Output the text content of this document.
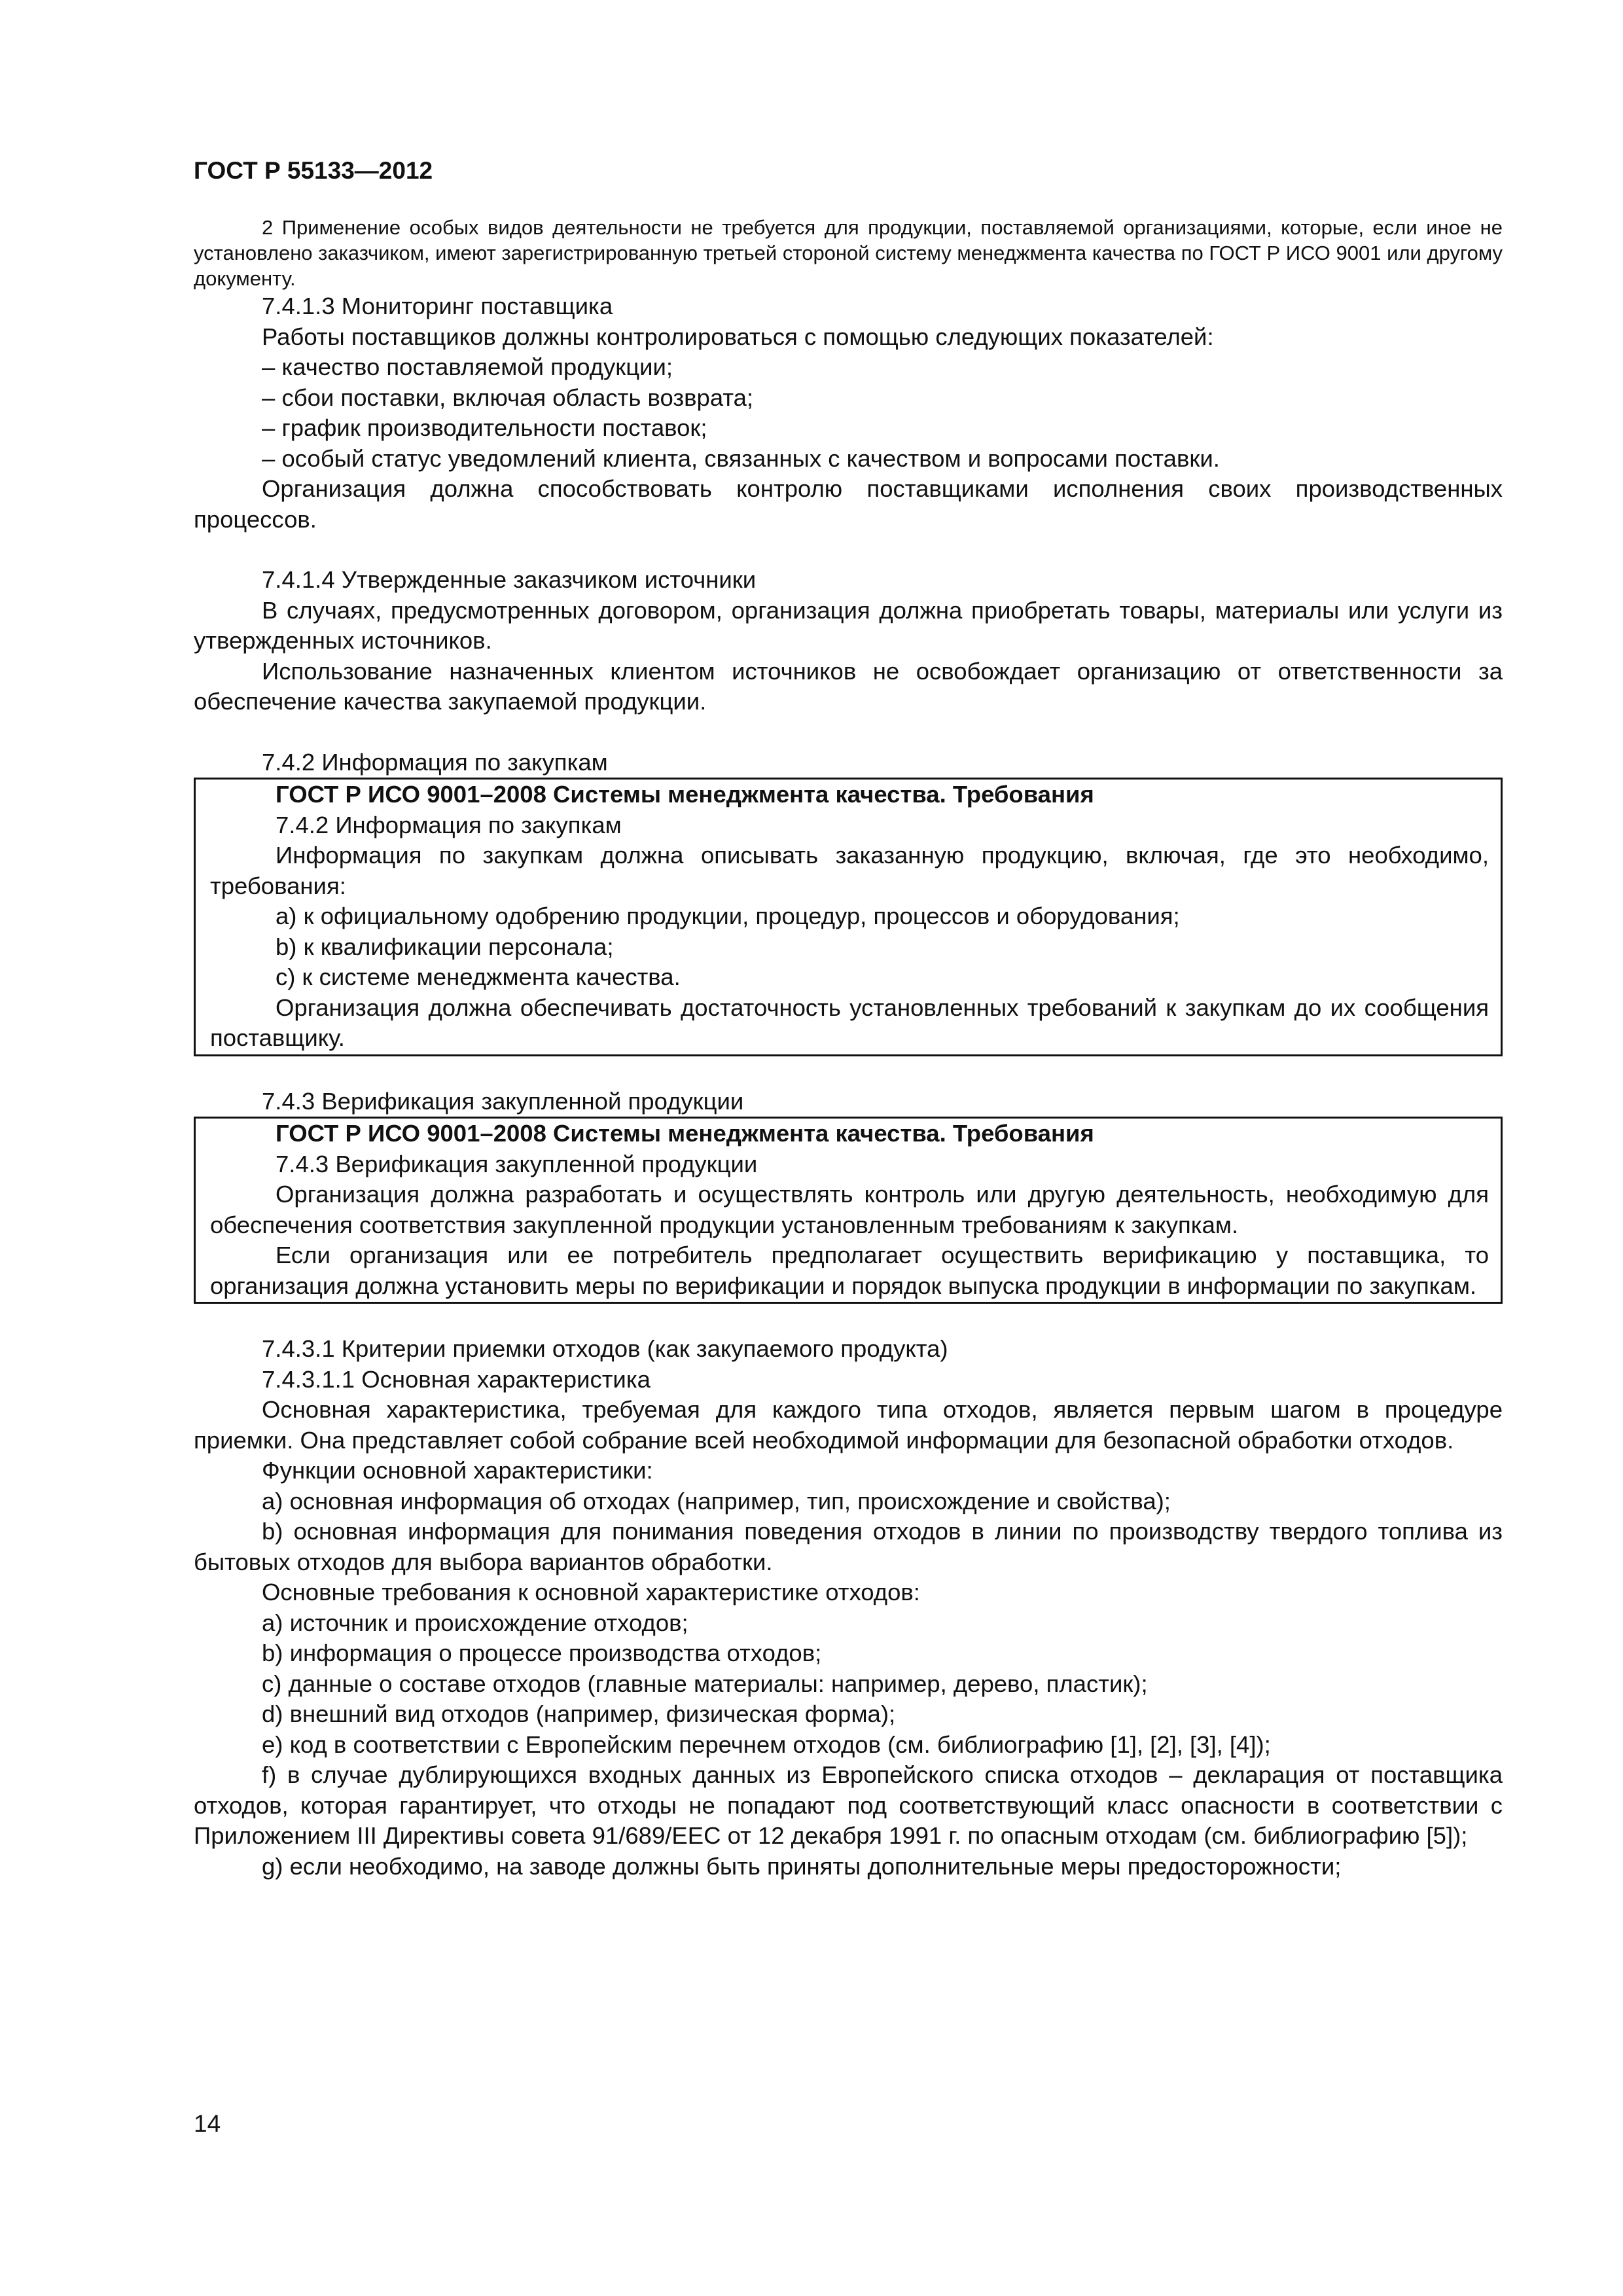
ГОСТ Р 55133—2012

2 Применение особых видов деятельности не требуется для продукции, поставляемой организациями, которые, если иное не установлено заказчиком, имеют зарегистрированную третьей стороной систему менеджмента качества по ГОСТ Р ИСО 9001 или другому документу.

7.4.1.3 Мониторинг поставщика

Работы поставщиков должны контролироваться с помощью следующих показателей:

– качество поставляемой продукции;

– сбои поставки, включая область возврата;

– график производительности поставок;

– особый статус уведомлений клиента, связанных с качеством и вопросами поставки.

Организация должна способствовать контролю поставщиками исполнения своих производственных процессов.

7.4.1.4 Утвержденные заказчиком источники

В случаях, предусмотренных договором, организация должна приобретать товары, материалы или услуги из утвержденных источников.

Использование назначенных клиентом источников не освобождает организацию от ответственности за обеспечение качества закупаемой продукции.

7.4.2 Информация по закупкам

ГОСТ Р ИСО 9001–2008 Системы менеджмента качества. Требования

7.4.2 Информация по закупкам

Информация по закупкам должна описывать заказанную продукцию, включая, где это необходимо, требования:

a) к официальному одобрению продукции, процедур, процессов и оборудования;

b) к квалификации персонала;

c) к системе менеджмента качества.

Организация должна обеспечивать достаточность установленных требований к закупкам до их сообщения поставщику.

7.4.3 Верификация закупленной продукции

ГОСТ Р ИСО 9001–2008 Системы менеджмента качества. Требования

7.4.3 Верификация закупленной продукции

Организация должна разработать и осуществлять контроль или другую деятельность, необходимую для обеспечения соответствия закупленной продукции установленным требованиям к закупкам.

Если организация или ее потребитель предполагает осуществить верификацию у поставщика, то организация должна установить меры по верификации и порядок выпуска продукции в информации по закупкам.

7.4.3.1 Критерии приемки отходов (как закупаемого продукта)

7.4.3.1.1 Основная характеристика

Основная характеристика, требуемая для каждого типа отходов, является первым шагом в процедуре приемки. Она представляет собой собрание всей необходимой информации для безопасной обработки отходов.

Функции основной характеристики:

a) основная информация об отходах (например, тип, происхождение и свойства);

b) основная информация для понимания поведения отходов в линии по производству твердого топлива из бытовых отходов для выбора вариантов обработки.

Основные требования к основной характеристике отходов:

a) источник и происхождение отходов;

b) информация о процессе производства отходов;

c) данные о составе отходов (главные материалы: например, дерево, пластик);

d) внешний вид отходов (например, физическая форма);

e) код в соответствии с Европейским перечнем отходов (см. библиографию [1], [2], [3], [4]);

f) в случае дублирующихся входных данных из Европейского списка отходов – декларация от поставщика отходов, которая гарантирует, что отходы не попадают под соответствующий класс опасности в соответствии с Приложением III Директивы совета 91/689/EEC от 12 декабря 1991 г. по опасным отходам (см. библиографию [5]);

g) если необходимо, на заводе должны быть приняты дополнительные меры предосторожности;

14
